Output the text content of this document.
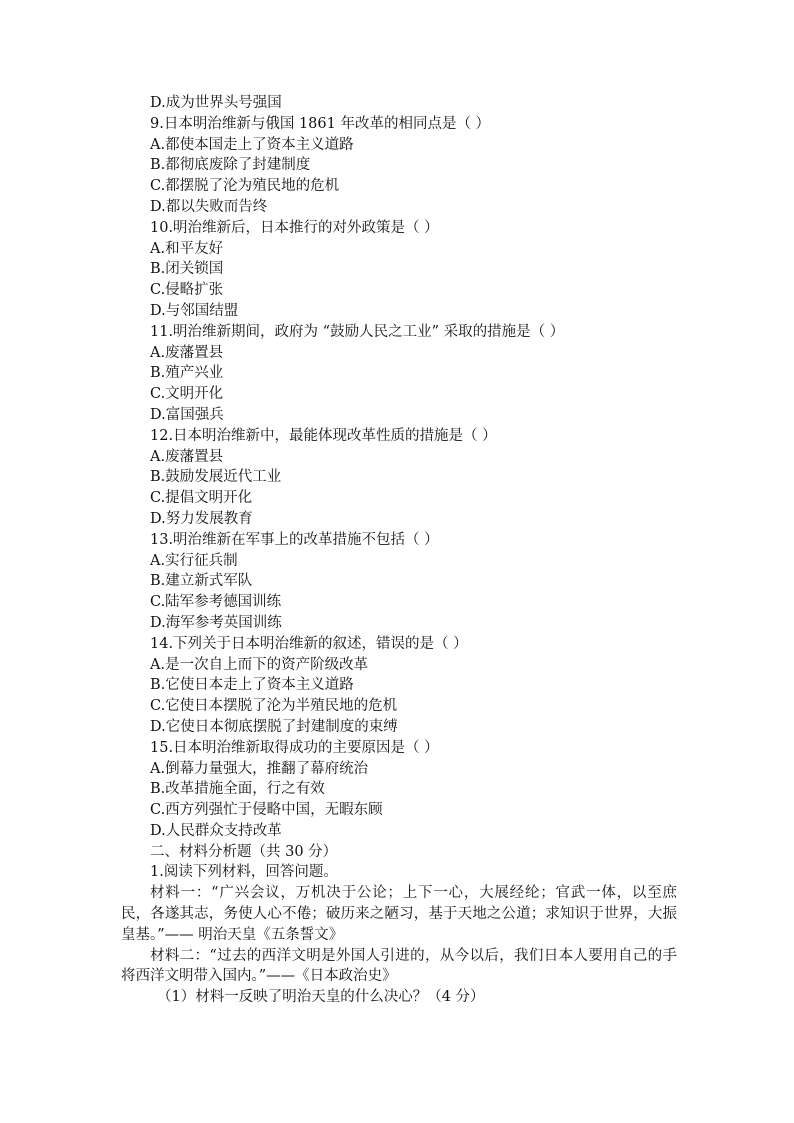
D.成为世界头号强国
9.日本明治维新与俄国 1861 年改革的相同点是（ ）
A.都使本国走上了资本主义道路
B.都彻底废除了封建制度
C.都摆脱了沦为殖民地的危机
D.都以失败而告终
10.明治维新后，日本推行的对外政策是（ ）
A.和平友好
B.闭关锁国
C.侵略扩张
D.与邻国结盟
11.明治维新期间，政府为 “鼓励人民之工业” 采取的措施是（ ）
A.废藩置县
B.殖产兴业
C.文明开化
D.富国强兵
12.日本明治维新中，最能体现改革性质的措施是（ ）
A.废藩置县
B.鼓励发展近代工业
C.提倡文明开化
D.努力发展教育
13.明治维新在军事上的改革措施不包括（ ）
A.实行征兵制
B.建立新式军队
C.陆军参考德国训练
D.海军参考英国训练
14.下列关于日本明治维新的叙述，错误的是（ ）
A.是一次自上而下的资产阶级改革
B.它使日本走上了资本主义道路
C.它使日本摆脱了沦为半殖民地的危机
D.它使日本彻底摆脱了封建制度的束缚
15.日本明治维新取得成功的主要原因是（ ）
A.倒幕力量强大，推翻了幕府统治
B.改革措施全面，行之有效
C.西方列强忙于侵略中国，无暇东顾
D.人民群众支持改革
二、材料分析题（共 30 分）
1.阅读下列材料，回答问题。
材料一：“广兴会议，万机决于公论；上下一心，大展经纶；官武一体，以至庶民，各遂其志，务使人心不倦；破历来之陋习，基于天地之公道；求知识于世界，大振皇基。”—— 明治天皇《五条誓文》
材料二：“过去的西洋文明是外国人引进的，从今以后，我们日本人要用自己的手将西洋文明带入国内。”——《日本政治史》
（1）材料一反映了明治天皇的什么决心？（4 分）
